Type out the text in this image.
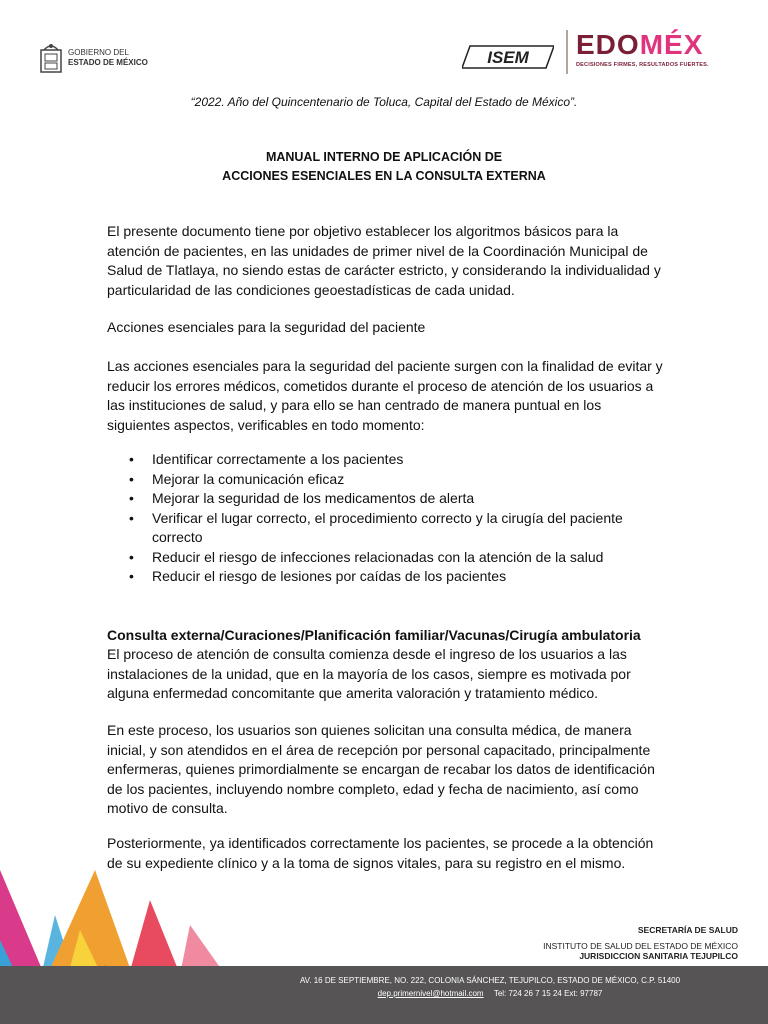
GOBIERNO DEL
ESTADO DE MÉXICO	ISEM EDOMÉX
DECISIONES FIRMES, RESULTADOS FUERTES.
“2022. Año del Quincentenario de Toluca, Capital del Estado de México”.
MANUAL INTERNO DE APLICACIÓN DE
ACCIONES ESENCIALES EN LA CONSULTA EXTERNA
El presente documento tiene por objetivo establecer los algoritmos básicos para la atención de pacientes, en las unidades de primer nivel de la Coordinación Municipal de Salud de Tlatlaya, no siendo estas de carácter estricto, y considerando la individualidad y particularidad de las condiciones geoestadísticas de cada unidad.
Acciones esenciales para la seguridad del paciente
Las acciones esenciales para la seguridad del paciente surgen con la finalidad de evitar y reducir los errores médicos, cometidos durante el proceso de atención de los usuarios a las instituciones de salud, y para ello se han centrado de manera puntual en los siguientes aspectos, verificables en todo momento:
• Identificar correctamente a los pacientes
• Mejorar la comunicación eficaz
• Mejorar la seguridad de los medicamentos de alerta
• Verificar el lugar correcto, el procedimiento correcto y la cirugía del paciente correcto
• Reducir el riesgo de infecciones relacionadas con la atención de la salud
• Reducir el riesgo de lesiones por caídas de los pacientes
Consulta externa/Curaciones/Planificación familiar/Vacunas/Cirugía ambulatoria
El proceso de atención de consulta comienza desde el ingreso de los usuarios a las instalaciones de la unidad, que en la mayoría de los casos, siempre es motivada por alguna enfermedad concomitante que amerita valoración y tratamiento médico.
En este proceso, los usuarios son quienes solicitan una consulta médica, de manera inicial, y son atendidos en el área de recepción por personal capacitado, principalmente enfermeras, quienes primordialmente se encargan de recabar los datos de identificación de los pacientes, incluyendo nombre completo, edad y fecha de nacimiento, así como motivo de consulta.
Posteriormente, ya identificados correctamente los pacientes, se procede a la obtención de su expediente clínico y a la toma de signos vitales, para su registro en el mismo.
SECRETARÍA DE SALUD
INSTITUTO DE SALUD DEL ESTADO DE MÉXICO
JURISDICCION SANITARIA TEJUPILCO
AV. 16 DE SEPTIEMBRE, NO. 222, COLONIA SÁNCHEZ, TEJUPILCO, ESTADO DE MÉXICO, C.P. 51400
dep.primernivel@hotmail.com Tel: 724 26 7 15 24 Ext: 97787
